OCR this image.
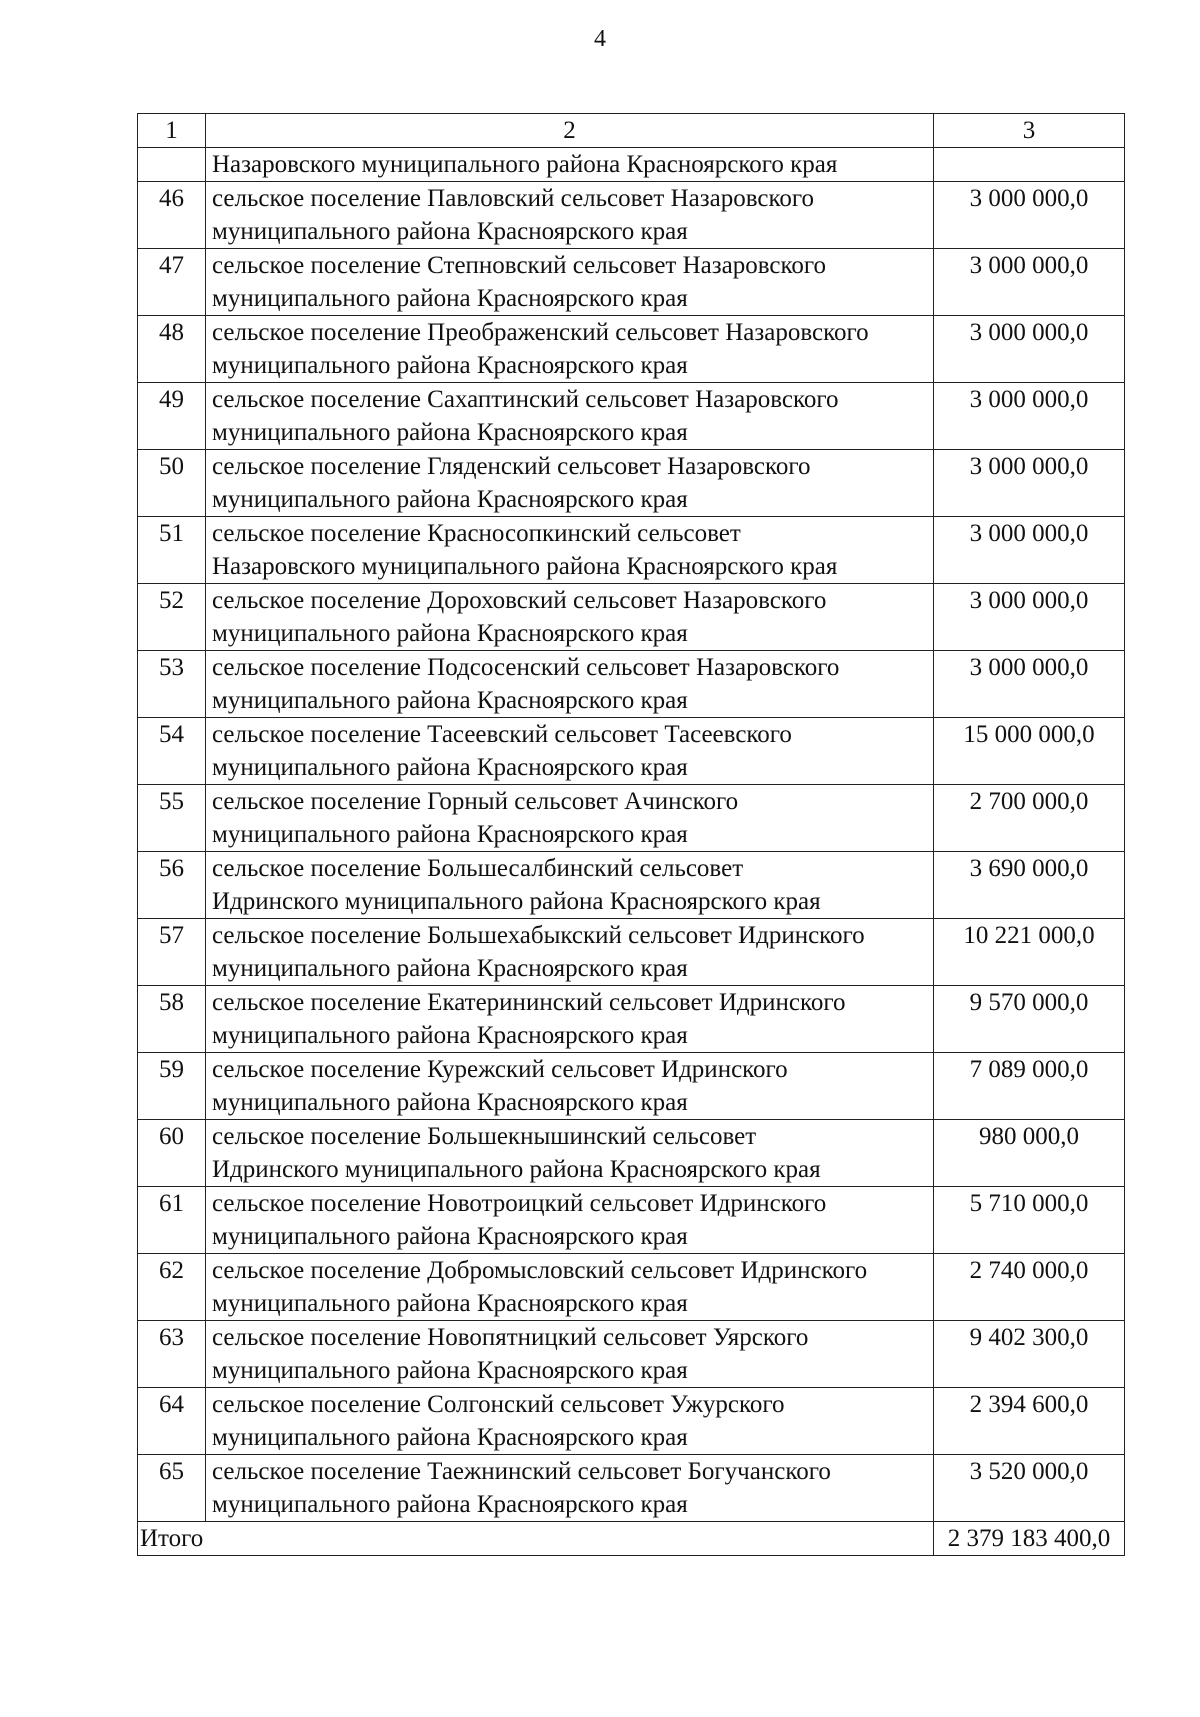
4
1	2	3
	Назаровского муниципального района Красноярского края	
46	сельское поселение Павловский сельсовет Назаровского
муниципального района Красноярского края	3 000 000,0
47	сельское поселение Степновский сельсовет Назаровского
муниципального района Красноярского края	3 000 000,0
48	сельское поселение Преображенский сельсовет Назаровского
муниципального района Красноярского края	3 000 000,0
49	сельское поселение Сахаптинский сельсовет Назаровского
муниципального района Красноярского края	3 000 000,0
50	сельское поселение Гляденский сельсовет Назаровского
муниципального района Красноярского края	3 000 000,0
51	сельское поселение Красносопкинский сельсовет
Назаровского муниципального района Красноярского края	3 000 000,0
52	сельское поселение Дороховский сельсовет Назаровского
муниципального района Красноярского края	3 000 000,0
53	сельское поселение Подсосенский сельсовет Назаровского
муниципального района Красноярского края	3 000 000,0
54	сельское поселение Тасеевский сельсовет Тасеевского
муниципального района Красноярского края	15 000 000,0
55	сельское поселение Горный сельсовет Ачинского
муниципального района Красноярского края	2 700 000,0
56	сельское поселение Большесалбинский сельсовет
Идринского муниципального района Красноярского края	3 690 000,0
57	сельское поселение Большехабыкский сельсовет Идринского
муниципального района Красноярского края	10 221 000,0
58	сельское поселение Екатерининский сельсовет Идринского
муниципального района Красноярского края	9 570 000,0
59	сельское поселение Курежский сельсовет Идринского
муниципального района Красноярского края	7 089 000,0
60	сельское поселение Большекнышинский сельсовет
Идринского муниципального района Красноярского края	980 000,0
61	сельское поселение Новотроицкий сельсовет Идринского
муниципального района Красноярского края	5 710 000,0
62	сельское поселение Добромысловский сельсовет Идринского
муниципального района Красноярского края	2 740 000,0
63	сельское поселение Новопятницкий сельсовет Уярского
муниципального района Красноярского края	9 402 300,0
64	сельское поселение Солгонский сельсовет Ужурского
муниципального района Красноярского края	2 394 600,0
65	сельское поселение Таежнинский сельсовет Богучанского
муниципального района Красноярского края	3 520 000,0
Итого		2 379 183 400,0
